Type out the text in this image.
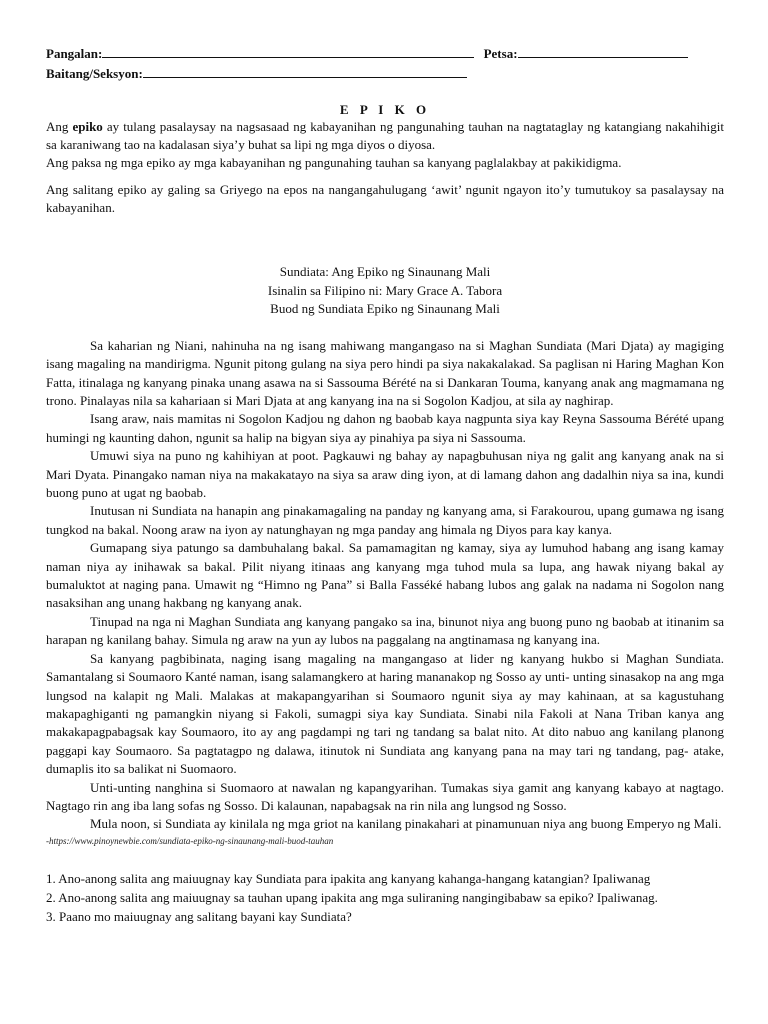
Pangalan:	Petsa:
Baitang/Seksyon:
E P I K O

Ang epiko ay tulang pasalaysay na nagsasaad ng kabayanihan ng pangunahing tauhan na nagtataglay ng katangiang nakahihigit sa karaniwang tao na kadalasan siya’y buhat sa lipi ng mga diyos o diyosa.

Ang paksa ng mga epiko ay mga kabayanihan ng pangunahing tauhan sa kanyang paglalakbay at pakikidigma.

Ang salitang epiko ay galing sa Griyego na epos na nangangahulugang ‘awit’ ngunit ngayon ito’y tumutukoy sa pasalaysay na kabayanihan.

Sundiata: Ang Epiko ng Sinaunang Mali
Isinalin sa Filipino ni: Mary Grace A. Tabora
Buod ng Sundiata Epiko ng Sinaunang Mali

Sa kaharian ng Niani, nahinuha na ng isang mahiwang mangangaso na si Maghan Sundiata (Mari Djata) ay magiging isang magaling na mandirigma. Ngunit pitong gulang na siya pero hindi pa siya nakakalakad. Sa paglisan ni Haring Maghan Kon Fatta, itinalaga ng kanyang pinaka unang asawa na si Sassouma Bérété na si Dankaran Touma, kanyang anak ang magmamana ng trono. Pinalayas nila sa kahariaan si Mari Djata at ang kanyang ina na si Sogolon Kadjou, at sila ay naghirap.

Isang araw, nais mamitas ni Sogolon Kadjou ng dahon ng baobab kaya nagpunta siya kay Reyna Sassouma Bérété upang humingi ng kaunting dahon, ngunit sa halip na bigyan siya ay pinahiya pa siya ni Sassouma.

Umuwi siya na puno ng kahihiyan at poot. Pagkauwi ng bahay ay napagbuhusan niya ng galit ang kanyang anak na si Mari Dyata. Pinangako naman niya na makakatayo na siya sa araw ding iyon, at di lamang dahon ang dadalhin niya sa ina, kundi buong puno at ugat ng baobab.

Inutusan ni Sundiata na hanapin ang pinakamagaling na panday ng kanyang ama, si Farakourou, upang gumawa ng isang tungkod na bakal. Noong araw na iyon ay natunghayan ng mga panday ang himala ng Diyos para kay kanya.

Gumapang siya patungo sa dambuhalang bakal. Sa pamamagitan ng kamay, siya ay lumuhod habang ang isang kamay naman niya ay inihawak sa bakal. Pilit niyang itinaas ang kanyang mga tuhod mula sa lupa, ang hawak niyang bakal ay bumaluktot at naging pana. Umawit ng “Himno ng Pana” si Balla Fasséké habang lubos ang galak na nadama ni Sogolon nang nasaksihan ang unang hakbang ng kanyang anak.

Tinupad na nga ni Maghan Sundiata ang kanyang pangako sa ina, binunot niya ang buong puno ng baobab at itinanim sa harapan ng kanilang bahay. Simula ng araw na yun ay lubos na paggalang na angtinamasa ng kanyang ina.

Sa kanyang pagbibinata, naging isang magaling na mangangaso at lider ng kanyang hukbo si Maghan Sundiata. Samantalang si Soumaoro Kanté naman, isang salamangkero at haring mananakop ng Sosso ay unti- unting sinasakop na ang mga lungsod na kalapit ng Mali. Malakas at makapangyarihan si Soumaoro ngunit siya ay may kahinaan, at sa kagustuhang makapaghiganti ng pamangkin niyang si Fakoli, sumagpi siya kay Sundiata. Sinabi nila Fakoli at Nana Triban kanya ang makakapagpabagsak kay Soumaoro, ito ay ang pagdampi ng tari ng tandang sa balat nito. At dito nabuo ang kanilang planong paggapi kay Soumaoro. Sa pagtatagpo ng dalawa, itinutok ni Sundiata ang kanyang pana na may tari ng tandang, pag- atake, dumaplis ito sa balikat ni Suomaoro.

Unti-unting nanghina si Suomaoro at nawalan ng kapangyarihan. Tumakas siya gamit ang kanyang kabayo at nagtago. Nagtago rin ang iba lang sofas ng Sosso. Di kalaunan, napabagsak na rin nila ang lungsod ng Sosso.

Mula noon, si Sundiata ay kinilala ng mga griot na kanilang pinakahari at pinamunuan niya ang buong Emperyo ng Mali.

-https://www.pinoynewbie.com/sundiata-epiko-ng-sinaunang-mali-buod-tauhan

1. Ano-anong salita ang maiuugnay kay Sundiata para ipakita ang kanyang kahanga-hangang katangian? Ipaliwanag

2. Ano-anong salita ang maiuugnay sa tauhan upang ipakita ang mga suliraning nangingibabaw sa epiko? Ipaliwanag.

3. Paano mo maiuugnay ang salitang bayani kay Sundiata?
